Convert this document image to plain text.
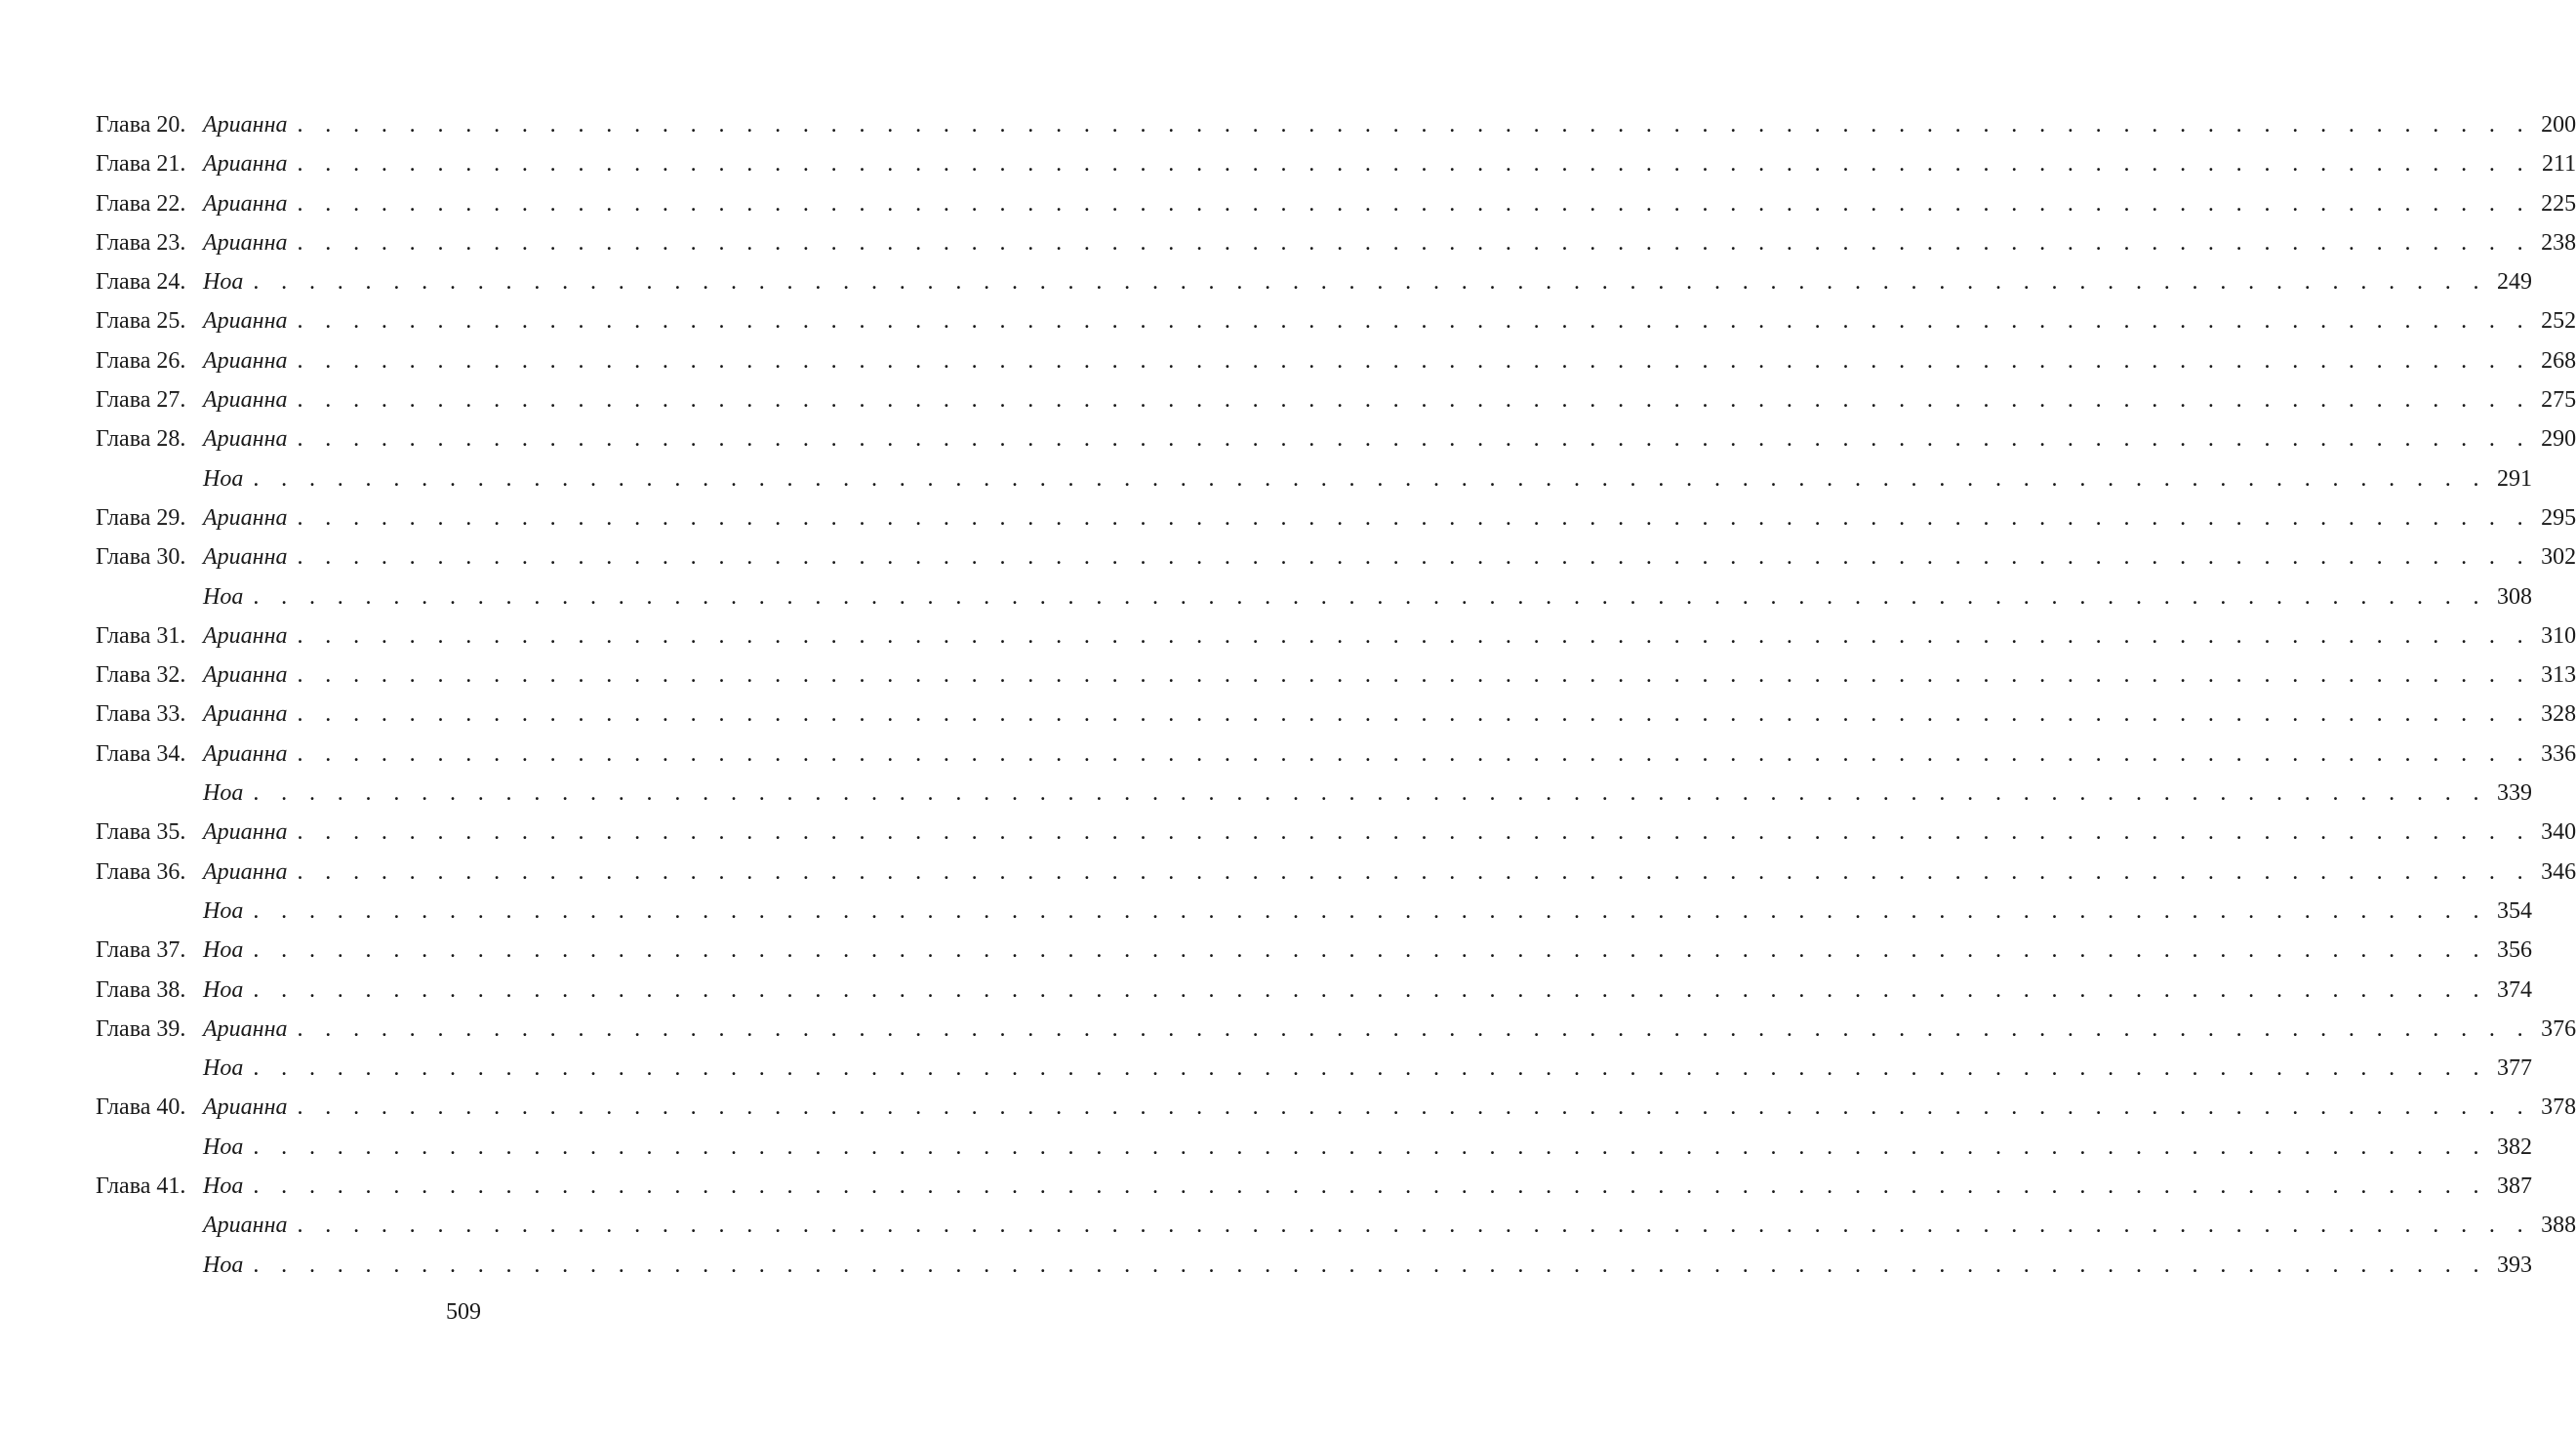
Глава 20. Арианна . . . . . . . . . . . . . . . . . . . . . . . . . . . . . . . . . . . . . . . . . . . . . . . . . . . . . . . . . . . . . . . . . . . . . . . . . . . . . . . . 200
Глава 21. Арианна . . . . . . . . . . . . . . . . . . . . . . . . . . . . . . . . . . . . . . . . . . . . . . . . . . . . . . . . . . . . . . . . . . . . . . . . . . . . . . . . 211
Глава 22. Арианна . . . . . . . . . . . . . . . . . . . . . . . . . . . . . . . . . . . . . . . . . . . . . . . . . . . . . . . . . . . . . . . . . . . . . . . . . . . . . . . . 225
Глава 23. Арианна . . . . . . . . . . . . . . . . . . . . . . . . . . . . . . . . . . . . . . . . . . . . . . . . . . . . . . . . . . . . . . . . . . . . . . . . . . . . . . . . 238
Глава 24. Ноа . . . . . . . . . . . . . . . . . . . . . . . . . . . . . . . . . . . . . . . . . . . . . . . . . . . . . . . . . . . . . . . . . . . . . . . . . . . . . . . . 249
Глава 25. Арианна . . . . . . . . . . . . . . . . . . . . . . . . . . . . . . . . . . . . . . . . . . . . . . . . . . . . . . . . . . . . . . . . . . . . . . . . . . . . . . . . 252
Глава 26. Арианна . . . . . . . . . . . . . . . . . . . . . . . . . . . . . . . . . . . . . . . . . . . . . . . . . . . . . . . . . . . . . . . . . . . . . . . . . . . . . . . . 268
Глава 27. Арианна . . . . . . . . . . . . . . . . . . . . . . . . . . . . . . . . . . . . . . . . . . . . . . . . . . . . . . . . . . . . . . . . . . . . . . . . . . . . . . . . 275
Глава 28. Арианна . . . . . . . . . . . . . . . . . . . . . . . . . . . . . . . . . . . . . . . . . . . . . . . . . . . . . . . . . . . . . . . . . . . . . . . . . . . . . . . . 290
Ноа . . . . . . . . . . . . . . . . . . . . . . . . . . . . . . . . . . . . . . . . . . . . . . . . . . . . . . . . . . . . . . . . . . . . . . . . . . . . . . . . 291
Глава 29. Арианна . . . . . . . . . . . . . . . . . . . . . . . . . . . . . . . . . . . . . . . . . . . . . . . . . . . . . . . . . . . . . . . . . . . . . . . . . . . . . . . . 295
Глава 30. Арианна . . . . . . . . . . . . . . . . . . . . . . . . . . . . . . . . . . . . . . . . . . . . . . . . . . . . . . . . . . . . . . . . . . . . . . . . . . . . . . . . 302
Ноа . . . . . . . . . . . . . . . . . . . . . . . . . . . . . . . . . . . . . . . . . . . . . . . . . . . . . . . . . . . . . . . . . . . . . . . . . . . . . . . . 308
Глава 31. Арианна . . . . . . . . . . . . . . . . . . . . . . . . . . . . . . . . . . . . . . . . . . . . . . . . . . . . . . . . . . . . . . . . . . . . . . . . . . . . . . . . 310
Глава 32. Арианна . . . . . . . . . . . . . . . . . . . . . . . . . . . . . . . . . . . . . . . . . . . . . . . . . . . . . . . . . . . . . . . . . . . . . . . . . . . . . . . . 313
Глава 33. Арианна . . . . . . . . . . . . . . . . . . . . . . . . . . . . . . . . . . . . . . . . . . . . . . . . . . . . . . . . . . . . . . . . . . . . . . . . . . . . . . . . 328
Глава 34. Арианна . . . . . . . . . . . . . . . . . . . . . . . . . . . . . . . . . . . . . . . . . . . . . . . . . . . . . . . . . . . . . . . . . . . . . . . . . . . . . . . . 336
Ноа . . . . . . . . . . . . . . . . . . . . . . . . . . . . . . . . . . . . . . . . . . . . . . . . . . . . . . . . . . . . . . . . . . . . . . . . . . . . . . . . 339
Глава 35. Арианна . . . . . . . . . . . . . . . . . . . . . . . . . . . . . . . . . . . . . . . . . . . . . . . . . . . . . . . . . . . . . . . . . . . . . . . . . . . . . . . . 340
Глава 36. Арианна . . . . . . . . . . . . . . . . . . . . . . . . . . . . . . . . . . . . . . . . . . . . . . . . . . . . . . . . . . . . . . . . . . . . . . . . . . . . . . . . 346
Ноа . . . . . . . . . . . . . . . . . . . . . . . . . . . . . . . . . . . . . . . . . . . . . . . . . . . . . . . . . . . . . . . . . . . . . . . . . . . . . . . . 354
Глава 37. Ноа . . . . . . . . . . . . . . . . . . . . . . . . . . . . . . . . . . . . . . . . . . . . . . . . . . . . . . . . . . . . . . . . . . . . . . . . . . . . . . . . 356
Глава 38. Ноа . . . . . . . . . . . . . . . . . . . . . . . . . . . . . . . . . . . . . . . . . . . . . . . . . . . . . . . . . . . . . . . . . . . . . . . . . . . . . . . . 374
Глава 39. Арианна . . . . . . . . . . . . . . . . . . . . . . . . . . . . . . . . . . . . . . . . . . . . . . . . . . . . . . . . . . . . . . . . . . . . . . . . . . . . . . . . 376
Ноа . . . . . . . . . . . . . . . . . . . . . . . . . . . . . . . . . . . . . . . . . . . . . . . . . . . . . . . . . . . . . . . . . . . . . . . . . . . . . . . . 377
Глава 40. Арианна . . . . . . . . . . . . . . . . . . . . . . . . . . . . . . . . . . . . . . . . . . . . . . . . . . . . . . . . . . . . . . . . . . . . . . . . . . . . . . . . 378
Ноа . . . . . . . . . . . . . . . . . . . . . . . . . . . . . . . . . . . . . . . . . . . . . . . . . . . . . . . . . . . . . . . . . . . . . . . . . . . . . . . . 382
Глава 41. Ноа . . . . . . . . . . . . . . . . . . . . . . . . . . . . . . . . . . . . . . . . . . . . . . . . . . . . . . . . . . . . . . . . . . . . . . . . . . . . . . . . 387
Арианна . . . . . . . . . . . . . . . . . . . . . . . . . . . . . . . . . . . . . . . . . . . . . . . . . . . . . . . . . . . . . . . . . . . . . . . . . . . . . . . . 388
Ноа . . . . . . . . . . . . . . . . . . . . . . . . . . . . . . . . . . . . . . . . . . . . . . . . . . . . . . . . . . . . . . . . . . . . . . . . . . . . . . . . 393
509
